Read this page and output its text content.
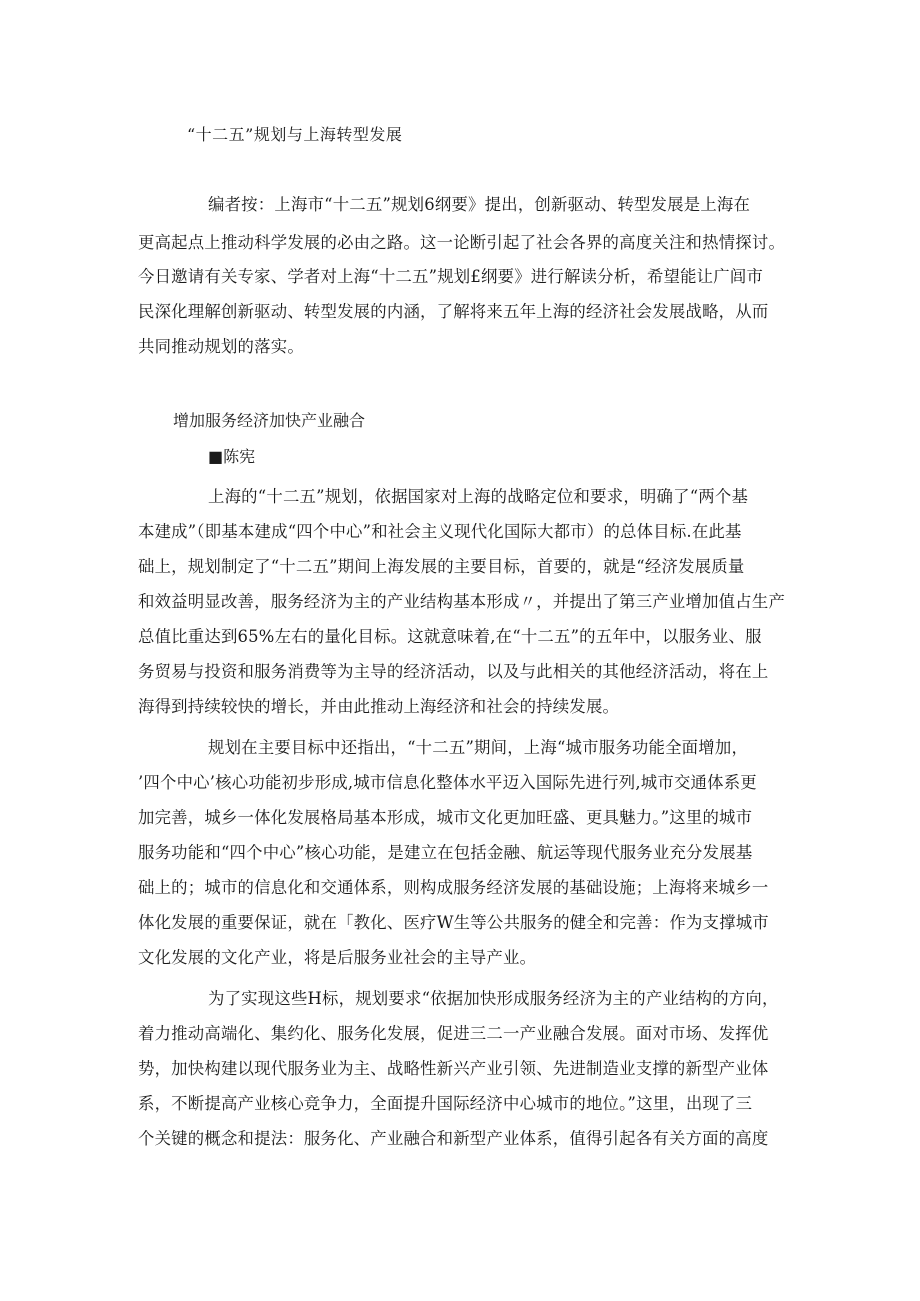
“十二五”规划与上海转型发展
编者按：上海市“十二五”规划6纲要》提出，创新驱动、转型发展是上海在
更高起点上推动科学发展的必由之路。这一论断引起了社会各界的高度关注和热情探讨。
今日邀请有关专家、学者对上海“十二五”规划£纲要》进行解读分析，希望能让广闾市
民深化理解创新驱动、转型发展的内涵，了解将来五年上海的经济社会发展战略，从而
共同推动规划的落实。
增加服务经济加快产业融合
■陈宪
上海的“十二五”规划，依据国家对上海的战略定位和要求，明确了“两个基
本建成”（即基本建成“四个中心”和社会主义现代化国际大都市）的总体目标.在此基
础上，规划制定了“十二五”期间上海发展的主要目标，首要的，就是“经济发展质量
和效益明显改善，服务经济为主的产业结构基本形成〃，并提出了第三产业增加值占生产
总值比重达到65%左右的量化目标。这就意味着,在“十二五”的五年中，以服务业、服
务贸易与投资和服务消费等为主导的经济活动，以及与此相关的其他经济活动，将在上
海得到持续较快的增长，并由此推动上海经济和社会的持续发展。
规划在主要目标中还指出，“十二五”期间，上海“城市服务功能全面增加，
’四个中心’核心功能初步形成,城市信息化整体水平迈入国际先进行列,城市交通体系更
加完善，城乡一体化发展格局基本形成，城市文化更加旺盛、更具魅力。”这里的城市
服务功能和“四个中心”核心功能，是建立在包括金融、航运等现代服务业充分发展基
础上的；城市的信息化和交通体系，则构成服务经济发展的基础设施；上海将来城乡一
体化发展的重要保证，就在「教化、医疗W生等公共服务的健全和完善：作为支撑城市
文化发展的文化产业，将是后服务业社会的主导产业。
为了实现这些H标，规划要求“依据加快形成服务经济为主的产业结构的方向，
着力推动高端化、集约化、服务化发展，促进三二一产业融合发展。面对市场、发挥优
势，加快构建以现代服务业为主、战略性新兴产业引领、先进制造业支撑的新型产业体
系，不断提高产业核心竞争力，全面提升国际经济中心城市的地位。”这里，出现了三
个关键的概念和提法：服务化、产业融合和新型产业体系，值得引起各有关方面的高度
